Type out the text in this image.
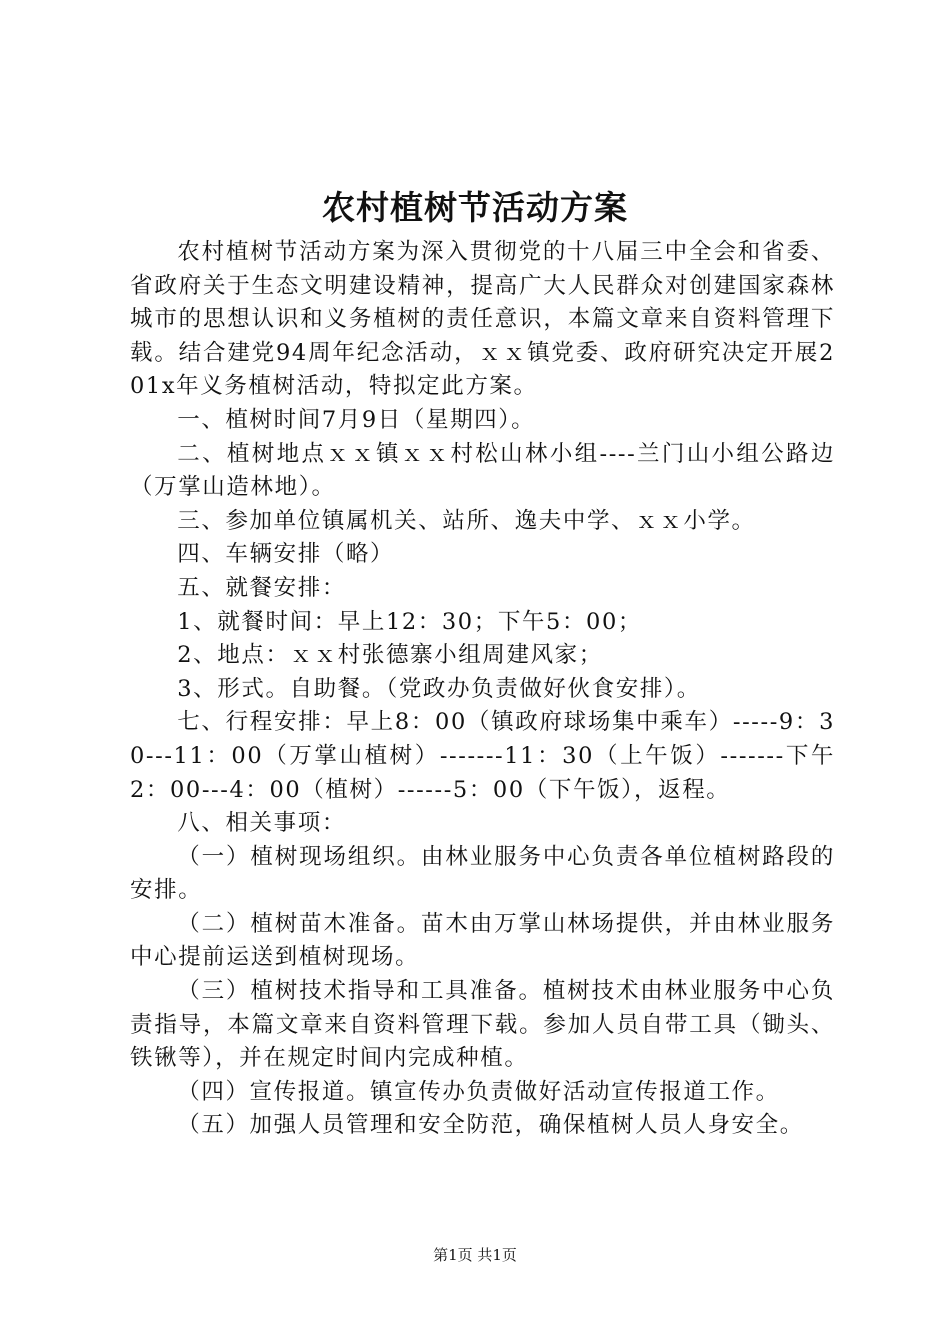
农村植树节活动方案

农村植树节活动方案为深入贯彻党的十八届三中全会和省委、省政府关于生态文明建设精神，提高广大人民群众对创建国家森林城市的思想认识和义务植树的责任意识，本篇文章来自资料管理下载。结合建党94周年纪念活动，ｘｘ镇党委、政府研究决定开展201x年义务植树活动，特拟定此方案。

一、植树时间7月9日（星期四）。

二、植树地点ｘｘ镇ｘｘ村松山林小组----兰门山小组公路边（万掌山造林地）。

三、参加单位镇属机关、站所、逸夫中学、ｘｘ小学。

四、车辆安排（略）

五、就餐安排：

1、就餐时间：早上12：30；下午5：00；

2、地点：ｘｘ村张德寨小组周建风家；

3、形式。自助餐。（党政办负责做好伙食安排）。

七、行程安排：早上8：00（镇政府球场集中乘车）-----9：30---11：00（万掌山植树）-------11：30（上午饭）-------下午2：00---4：00（植树）------5：00（下午饭），返程。

八、相关事项：

（一）植树现场组织。由林业服务中心负责各单位植树路段的安排。

（二）植树苗木准备。苗木由万掌山林场提供，并由林业服务中心提前运送到植树现场。

（三）植树技术指导和工具准备。植树技术由林业服务中心负责指导，本篇文章来自资料管理下载。参加人员自带工具（锄头、铁锹等），并在规定时间内完成种植。

（四）宣传报道。镇宣传办负责做好活动宣传报道工作。

（五）加强人员管理和安全防范，确保植树人员人身安全。

第1页 共1页
